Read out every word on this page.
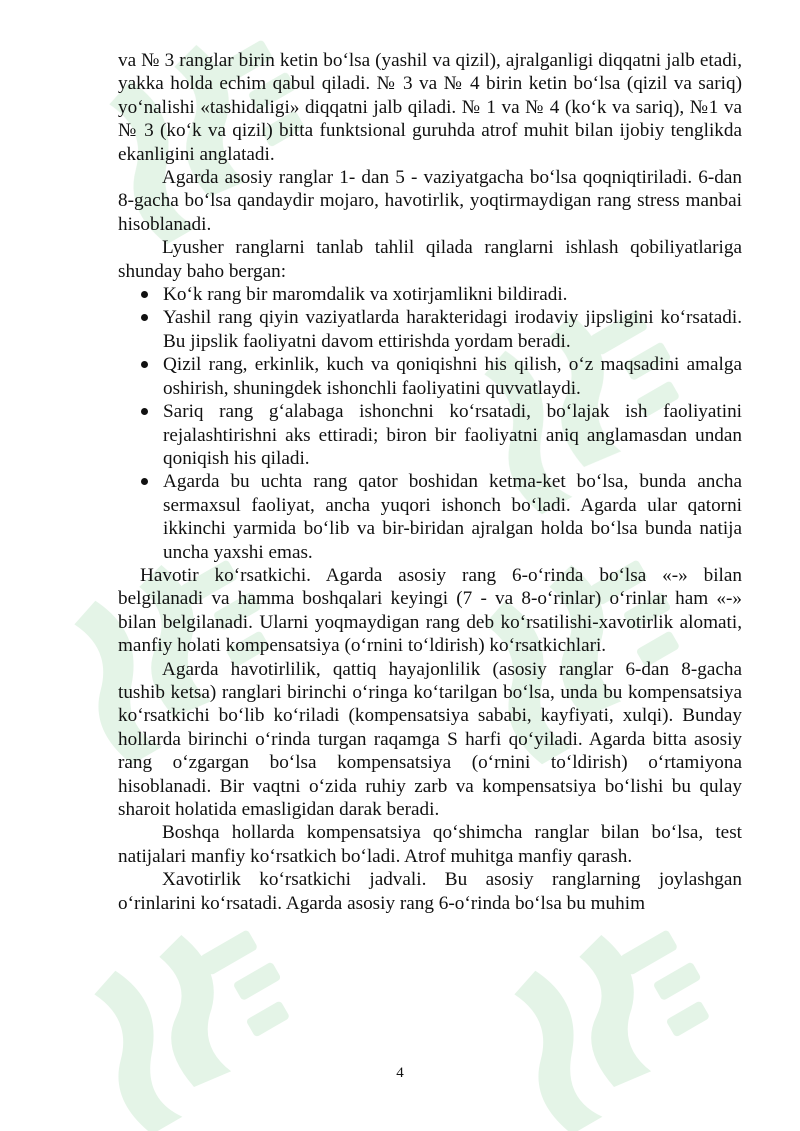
va № 3 ranglar birin ketin boʻlsa (yashil va qizil), ajralganligi diqqatni jalb etadi, yakka holda echim qabul qiladi. № 3 va № 4 birin ketin boʻlsa (qizil va sariq) yoʻnalishi «tashidaligi» diqqatni jalb qiladi. № 1 va № 4 (koʻk va sariq), №1 va № 3 (koʻk va qizil) bitta funktsional guruhda atrof muhit bilan ijobiy tenglikda ekanligini anglatadi.

Agarda asosiy ranglar 1- dan 5 - vaziyatgacha boʻlsa qoqniqtiriladi. 6-dan 8-gacha boʻlsa qandaydir mojaro, havotirlik, yoqtirmaydigan rang stress manbai hisoblanadi.

Lyusher ranglarni tanlab tahlil qilada ranglarni ishlash qobiliyatlariga shunday baho bergan:

Koʻk rang bir maromdalik va xotirjamlikni bildiradi.
Yashil rang qiyin vaziyatlarda harakteridagi irodaviy jipsligini koʻrsatadi. Bu jipslik faoliyatni davom ettirishda yordam beradi.
Qizil rang, erkinlik, kuch va qoniqishni his qilish, oʻz maqsadini amalga oshirish, shuningdek ishonchli faoliyatini quvvatlaydi.
Sariq rang gʻalabaga ishonchni koʻrsatadi, boʻlajak ish faoliyatini rejalashtirishni aks ettiradi; biron bir faoliyatni aniq anglamasdan undan qoniqish his qiladi.
Agarda bu uchta rang qator boshidan ketma-ket boʻlsa, bunda ancha sermaxsul faoliyat, ancha yuqori ishonch boʻladi. Agarda ular qatorni ikkinchi yarmida boʻlib va bir-biridan ajralgan holda boʻlsa bunda natija uncha yaxshi emas.

Havotir koʻrsatkichi. Agarda asosiy rang 6-oʻrinda boʻlsa «-» bilan belgilanadi va hamma boshqalari keyingi (7 - va 8-oʻrinlar) oʻrinlar ham «-» bilan belgilanadi. Ularni yoqmaydigan rang deb koʻrsatilishi-xavotirlik alomati, manfiy holati kompensatsiya (oʻrnini toʻldirish) koʻrsatkichlari.

Agarda havotirlilik, qattiq hayajonlilik (asosiy ranglar 6-dan 8-gacha tushib ketsa) ranglari birinchi oʻringa koʻtarilgan boʻlsa, unda bu kompensatsiya koʻrsatkichi boʻlib koʻriladi (kompensatsiya sababi, kayfiyati, xulqi). Bunday hollarda birinchi oʻrinda turgan raqamga S harfi qoʻyiladi. Agarda bitta asosiy rang oʻzgargan boʻlsa kompensatsiya (oʻrnini toʻldirish) oʻrtamiyona hisoblanadi. Bir vaqtni oʻzida ruhiy zarb va kompensatsiya boʻlishi bu qulay sharoit holatida emasligidan darak beradi.

Boshqa hollarda kompensatsiya qoʻshimcha ranglar bilan boʻlsa, test natijalari manfiy koʻrsatkich boʻladi. Atrof muhitga manfiy qarash.

Xavotirlik koʻrsatkichi jadvali. Bu asosiy ranglarning joylashgan oʻrinlarini koʻrsatadi. Agarda asosiy rang 6-oʻrinda boʻlsa bu muhim

4
